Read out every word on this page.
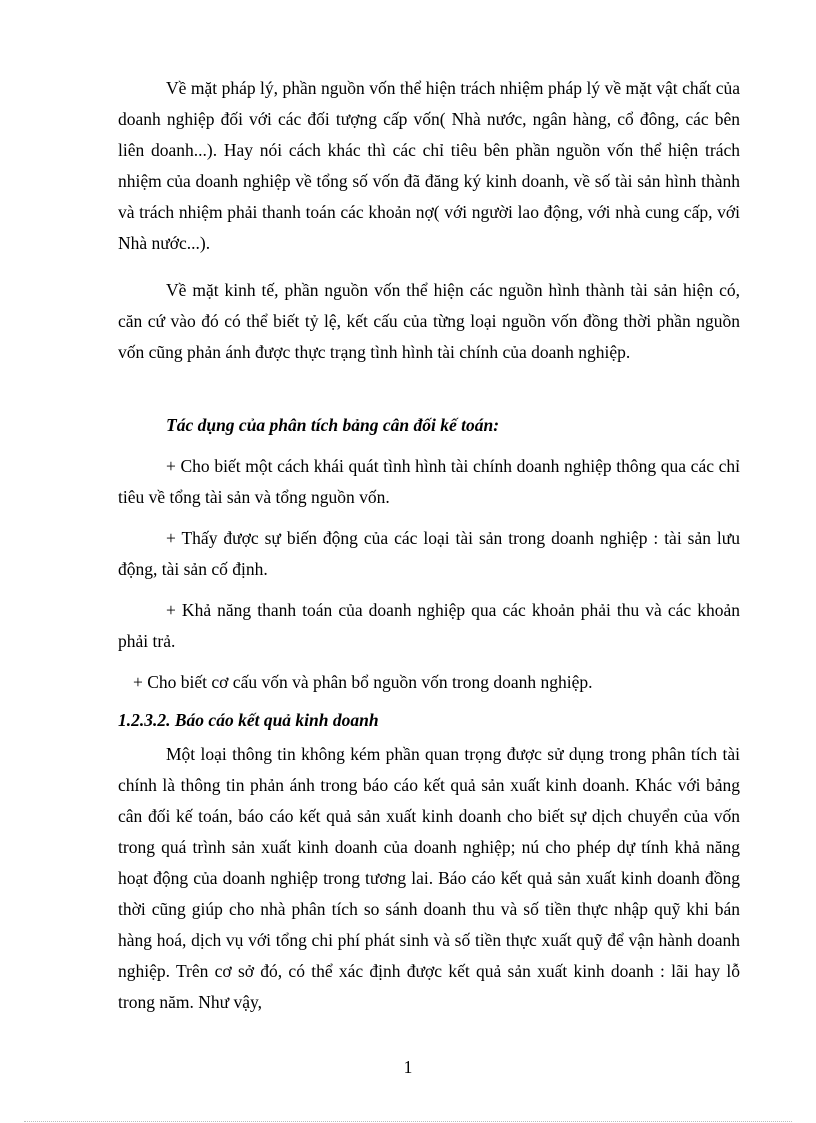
Về mặt pháp lý, phần nguồn vốn thể hiện trách nhiệm pháp lý về mặt vật chất của doanh nghiệp đối với các đối tượng cấp vốn( Nhà nước, ngân hàng, cổ đông, các bên liên doanh...). Hay nói cách khác thì các chỉ tiêu bên phần nguồn vốn thể hiện trách nhiệm của doanh nghiệp về tổng số vốn đã đăng ký kinh doanh, về số tài sản hình thành và trách nhiệm phải thanh toán các khoản nợ( với người lao động, với nhà cung cấp, với Nhà nước...).

Về mặt kinh tế, phần nguồn vốn thể hiện các nguồn hình thành tài sản hiện có, căn cứ vào đó có thể biết tỷ lệ, kết cấu của từng loại nguồn vốn đồng thời phần nguồn vốn cũng phản ánh được thực trạng tình hình tài chính của doanh nghiệp.

Tác dụng của phân tích bảng cân đối kế toán:

+ Cho biết một cách khái quát tình hình tài chính doanh nghiệp thông qua các chỉ tiêu về tổng tài sản và tổng nguồn vốn.

+ Thấy được sự biến động của các loại tài sản trong doanh nghiệp : tài sản lưu động, tài sản cố định.

+ Khả năng thanh toán của doanh nghiệp qua các khoản phải thu và các khoản phải trả.

+ Cho biết cơ cấu vốn và phân bổ nguồn vốn trong doanh nghiệp.

1.2.3.2. Báo cáo kết quả kinh doanh

Một loại thông tin không kém phần quan trọng được sử dụng trong phân tích tài chính là thông tin phản ánh trong báo cáo kết quả sản xuất kinh doanh. Khác với bảng cân đối kế toán, báo cáo kết quả sản xuất kinh doanh cho biết sự dịch chuyển của vốn trong quá trình sản xuất kinh doanh của doanh nghiệp; nú cho phép dự tính khả năng hoạt động của doanh nghiệp trong tương lai. Báo cáo kết quả sản xuất kinh doanh đồng thời cũng giúp cho nhà phân tích so sánh doanh thu và số tiền thực nhập quỹ khi bán hàng hoá, dịch vụ với tổng chi phí phát sinh và số tiền thực xuất quỹ để vận hành doanh nghiệp. Trên cơ sở đó, có thể xác định được kết quả sản xuất kinh doanh : lãi hay lỗ trong năm. Như vậy,

1
